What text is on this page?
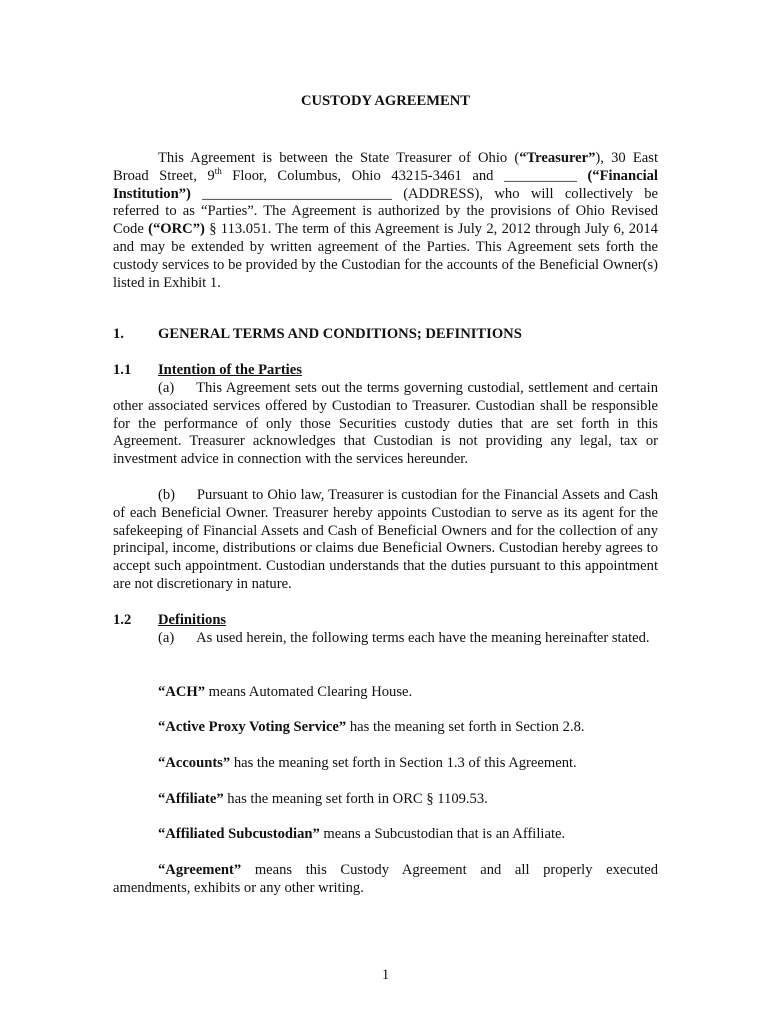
CUSTODY AGREEMENT

This Agreement is between the State Treasurer of Ohio (“Treasurer”), 30 East Broad Street, 9th Floor, Columbus, Ohio 43215-3461 and __________ (“Financial Institution”) __________________________ (ADDRESS), who will collectively be referred to as “Parties”. The Agreement is authorized by the provisions of Ohio Revised Code (“ORC”) § 113.051. The term of this Agreement is July 2, 2012 through July 6, 2014 and may be extended by written agreement of the Parties. This Agreement sets forth the custody services to be provided by the Custodian for the accounts of the Beneficial Owner(s) listed in Exhibit 1.

1. GENERAL TERMS AND CONDITIONS; DEFINITIONS
1.1 Intention of the Parties

(a)  This Agreement sets out the terms governing custodial, settlement and certain other associated services offered by Custodian to Treasurer. Custodian shall be responsible for the performance of only those Securities custody duties that are set forth in this Agreement. Treasurer acknowledges that Custodian is not providing any legal, tax or investment advice in connection with the services hereunder.

(b)  Pursuant to Ohio law, Treasurer is custodian for the Financial Assets and Cash of each Beneficial Owner. Treasurer hereby appoints Custodian to serve as its agent for the safekeeping of Financial Assets and Cash of Beneficial Owners and for the collection of any principal, income, distributions or claims due Beneficial Owners. Custodian hereby agrees to accept such appointment. Custodian understands that the duties pursuant to this appointment are not discretionary in nature.

1.2 Definitions

(a)  As used herein, the following terms each have the meaning hereinafter stated.

“ACH” means Automated Clearing House.

“Active Proxy Voting Service” has the meaning set forth in Section 2.8.

“Accounts” has the meaning set forth in Section 1.3 of this Agreement.

“Affiliate” has the meaning set forth in ORC § 1109.53.

“Affiliated Subcustodian” means a Subcustodian that is an Affiliate.

“Agreement” means this Custody Agreement and all properly executed amendments, exhibits or any other writing.

1
